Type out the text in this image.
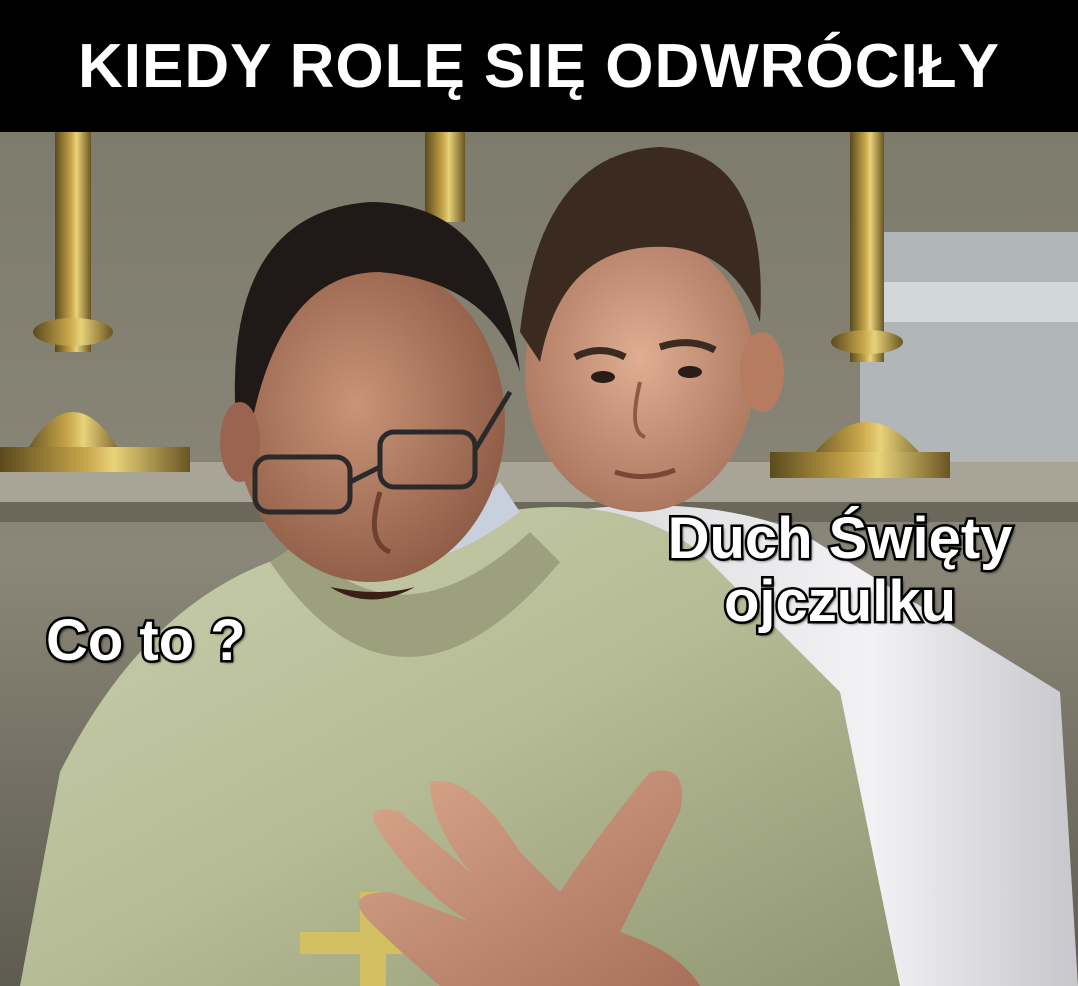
KIEDY ROLĘ SIĘ ODWRÓCIŁY
Co to ?
Duch Święty
ojczulku
